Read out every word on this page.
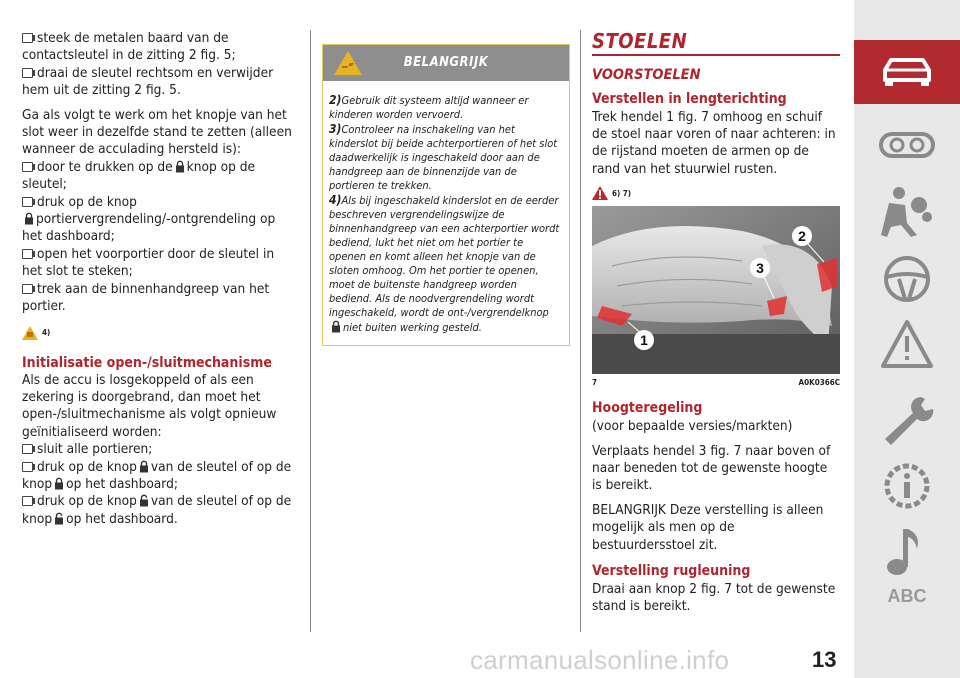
steek de metalen baard van de contactsleutel in de zitting 2 fig. 5;

draai de sleutel rechtsom en verwijder hem uit de zitting 2 fig. 5.

Ga als volgt te werk om het knopje van het slot weer in dezelfde stand te zetten (alleen wanneer de acculading hersteld is):

door te drukken op de knop op de sleutel;

druk op de knop
portiervergrendeling/-ontgrendeling op het dashboard;

open het voorportier door de sleutel in het slot te steken;

trek aan de binnenhandgreep van het portier.

4)

Initialisatie open-/sluitmechanisme

Als de accu is losgekoppeld of als een zekering is doorgebrand, dan moet het open-/sluitmechanisme als volgt opnieuw geïnitialiseerd worden:

sluit alle portieren;

druk op de knop van de sleutel of op de knop op het dashboard;

druk op de knop van de sleutel of op de knop op het dashboard.

BELANGRIJK
2)Gebruik dit systeem altijd wanneer er kinderen worden vervoerd.
3)Controleer na inschakeling van het kinderslot bij beide achterportieren of het slot daadwerkelijk is ingeschakeld door aan de handgreep aan de binnenzijde van de portieren te trekken.
4)Als bij ingeschakeld kinderslot en de eerder beschreven vergrendelingswijze de binnenhandgreep van een achterportier wordt bediend, lukt het niet om het portier te openen en komt alleen het knopje van de sloten omhoog. Om het portier te openen, moet de buitenste handgreep worden bediend. Als de noodvergrendeling wordt ingeschakeld, wordt de ont-/vergrendelknop
niet buiten werking gesteld.

STOELEN

VOORSTOELEN

Verstellen in lengterichting

Trek hendel 1 fig. 7 omhoog en schuif de stoel naar voren of naar achteren: in de rijstand moeten de armen op de rand van het stuurwiel rusten.

6) 7)
1
2
3
7	A0K0366C

Hoogteregeling

(voor bepaalde versies/markten)

Verplaats hendel 3 fig. 7 naar boven of naar beneden tot de gewenste hoogte is bereikt.

BELANGRIJK Deze verstelling is alleen mogelijk als men op de bestuurdersstoel zit.

Verstelling rugleuning

Draai aan knop 2 fig. 7 tot de gewenste stand is bereikt.

ABC
carmanualsonline.info	13
